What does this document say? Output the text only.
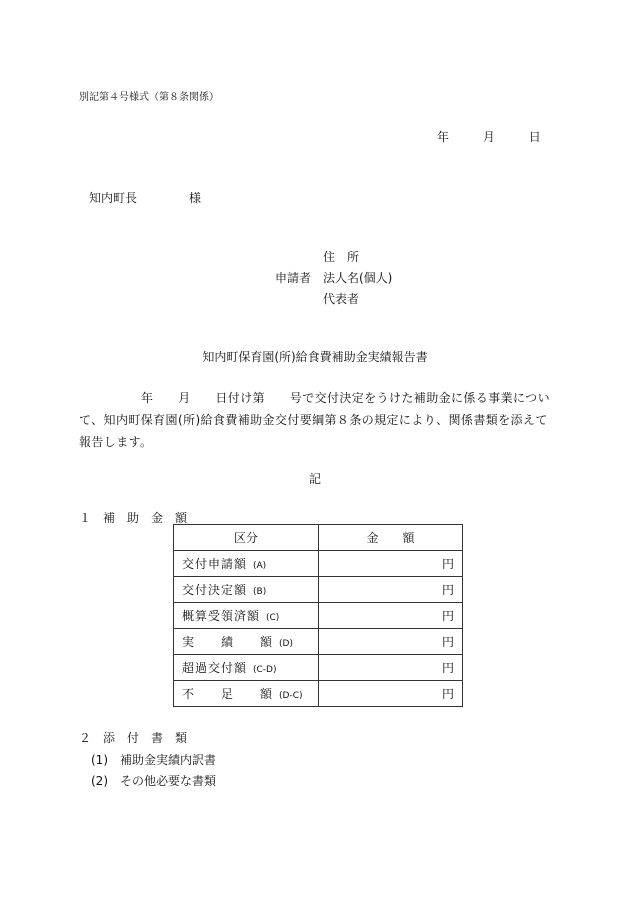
別記第４号様式（第８条関係）
年	月	日
知内町長	様
住　所
申請者 法人名(個人)
代表者
知内町保育園(所)給食費補助金実績報告書
　　　　　年　　月　　日付け第　　号で交付決定をうけた補助金に係る事業について、知内町保育園(所)給食費補助金交付要綱第８条の規定により、関係書類を添えて報告します。
記
１　補　助　金　額
区分	金　　額
交付申請額 (A)	円
交付決定額 (B)	円
概算受領済額 (C)	円
実　　績　　額 (D)	円
超過交付額 (C-D)	円
不　　足　　額 (D-C)	円
２　添　付　書　類
(1)　補助金実績内訳書
(2)　その他必要な書類
